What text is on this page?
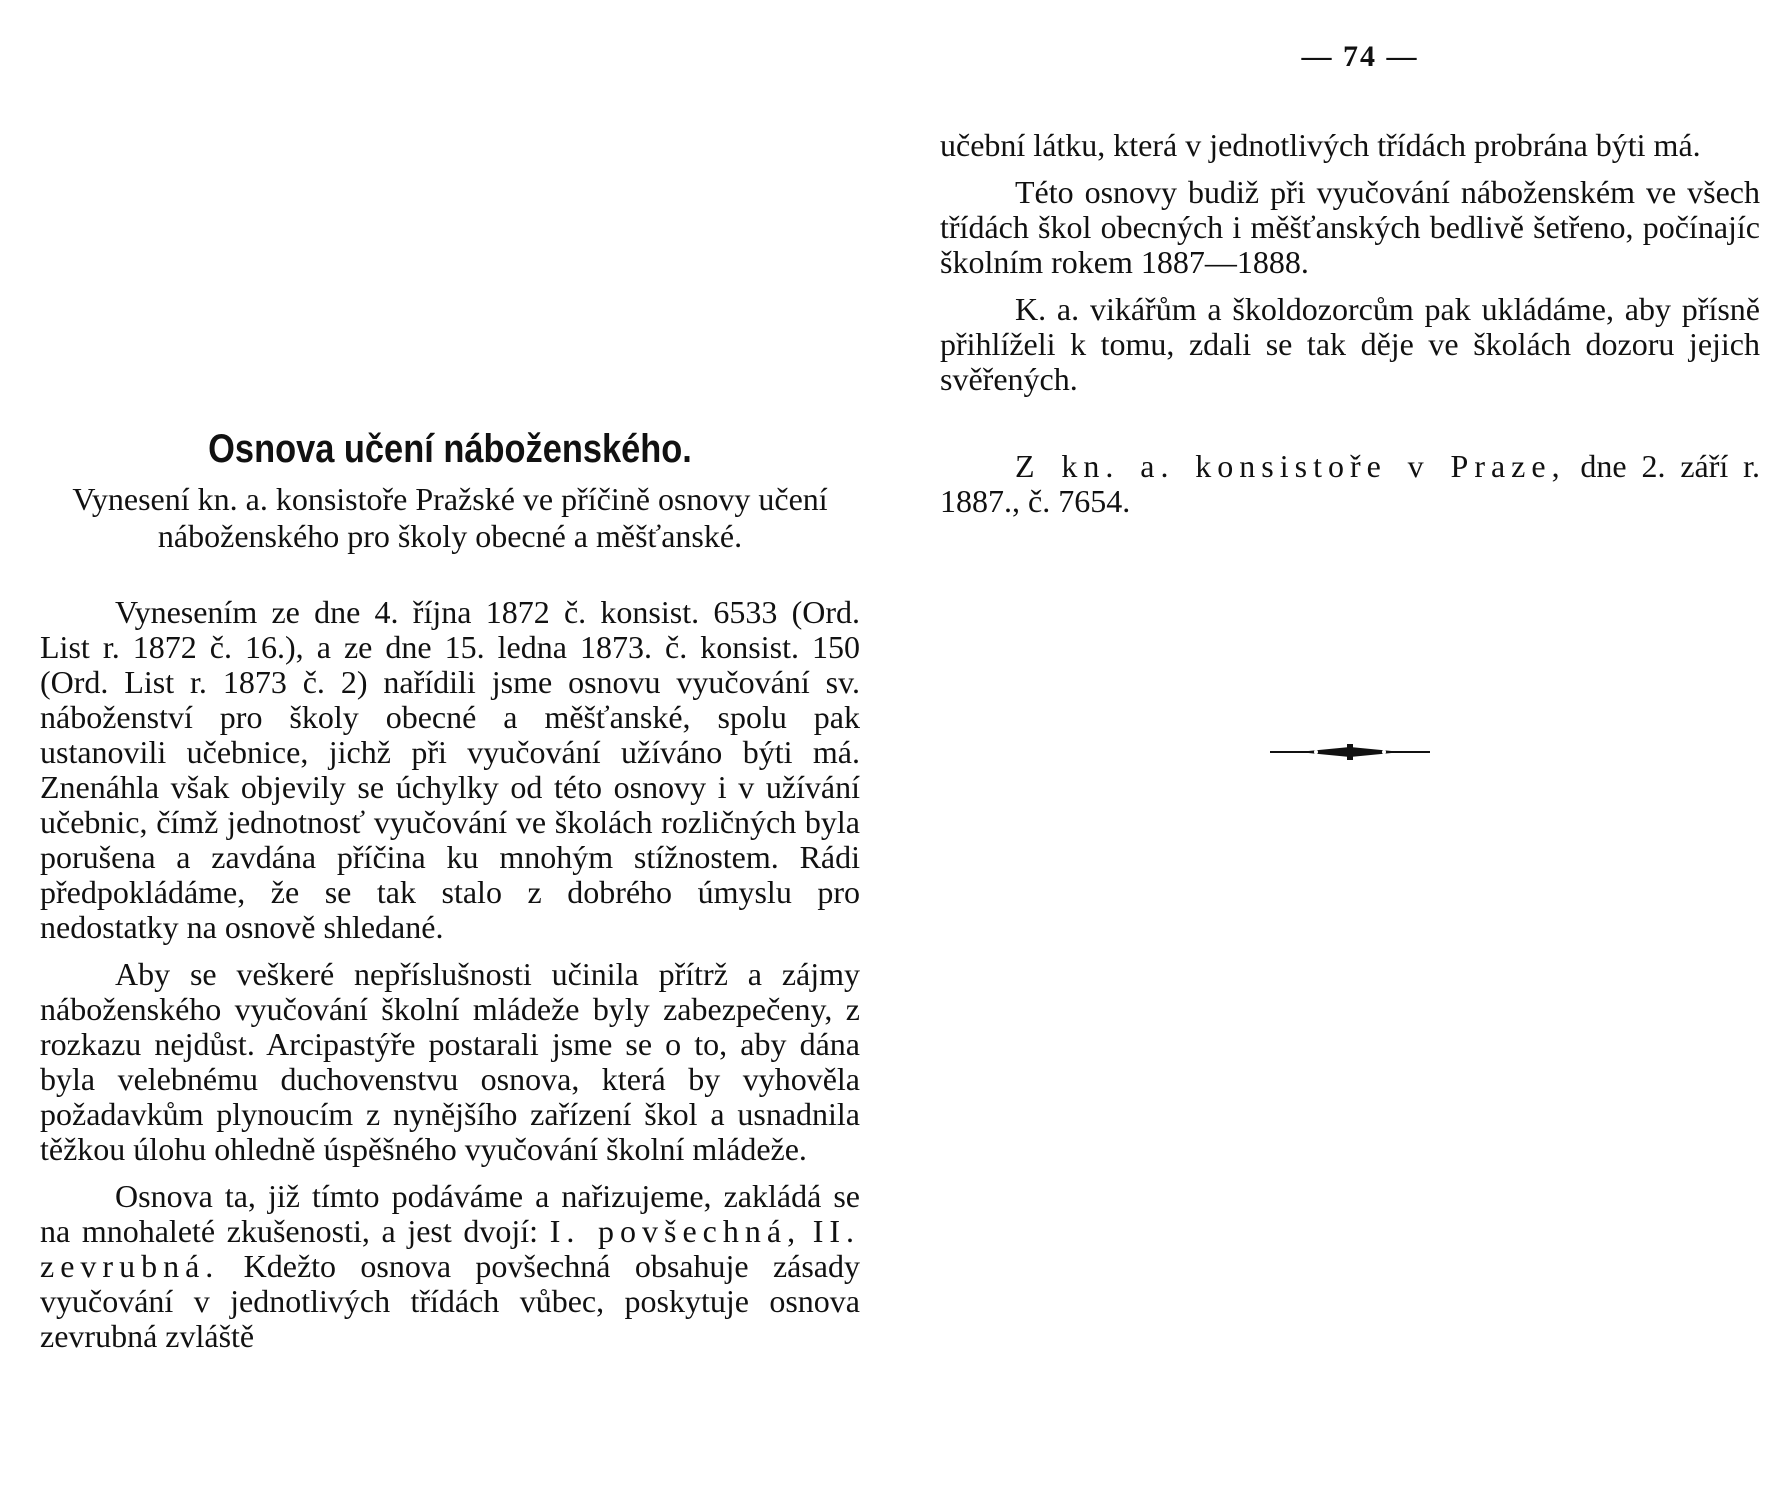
— 74 —
Osnova učení náboženského.
Vynesení kn. a. konsistoře Pražské ve příčině osnovy učení náboženského pro školy obecné a měšťanské.

Vynesením ze dne 4. října 1872 č. konsist. 6533 (Ord. List r. 1872 č. 16.), a ze dne 15. ledna 1873. č. konsist. 150 (Ord. List r. 1873 č. 2) nařídili jsme osnovu vyučování sv. náboženství pro školy obecné a měšťanské, spolu pak ustanovili učebnice, jichž při vyučování užíváno býti má. Znenáhla však objevily se úchylky od této osnovy i v užívání učebnic, čímž jednotnosť vyučování ve školách rozličných byla porušena a zavdána příčina ku mnohým stížnostem. Rádi předpokládáme, že se tak stalo z dobrého úmyslu pro nedostatky na osnově shledané.

Aby se veškeré nepříslušnosti učinila přítrž a zájmy náboženského vyučování školní mládeže byly zabezpečeny, z rozkazu nejdůst. Arcipastýře postarali jsme se o to, aby dána byla velebnému duchovenstvu osnova, která by vyhověla požadavkům plynoucím z nynějšího zařízení škol a usnadnila těžkou úlohu ohledně úspěšného vyučování školní mládeže.

Osnova ta, již tímto podáváme a nařizujeme, zakládá se na mnohaleté zkušenosti, a jest dvojí: I. povšechná, II. zevrubná. Kdežto osnova povšechná obsahuje zásady vyučování v jednotlivých třídách vůbec, poskytuje osnova zevrubná zvláště

učební látku, která v jednotlivých třídách probrána býti má.

Této osnovy budiž při vyučování náboženském ve všech třídách škol obecných i měšťanských bedlivě šetřeno, počínajíc školním rokem 1887—1888.

K. a. vikářům a školdozorcům pak ukládáme, aby přísně přihlíželi k tomu, zdali se tak děje ve školách dozoru jejich svěřených.

Z kn. a. konsistoře v Praze, dne 2. září r. 1887., č. 7654.
